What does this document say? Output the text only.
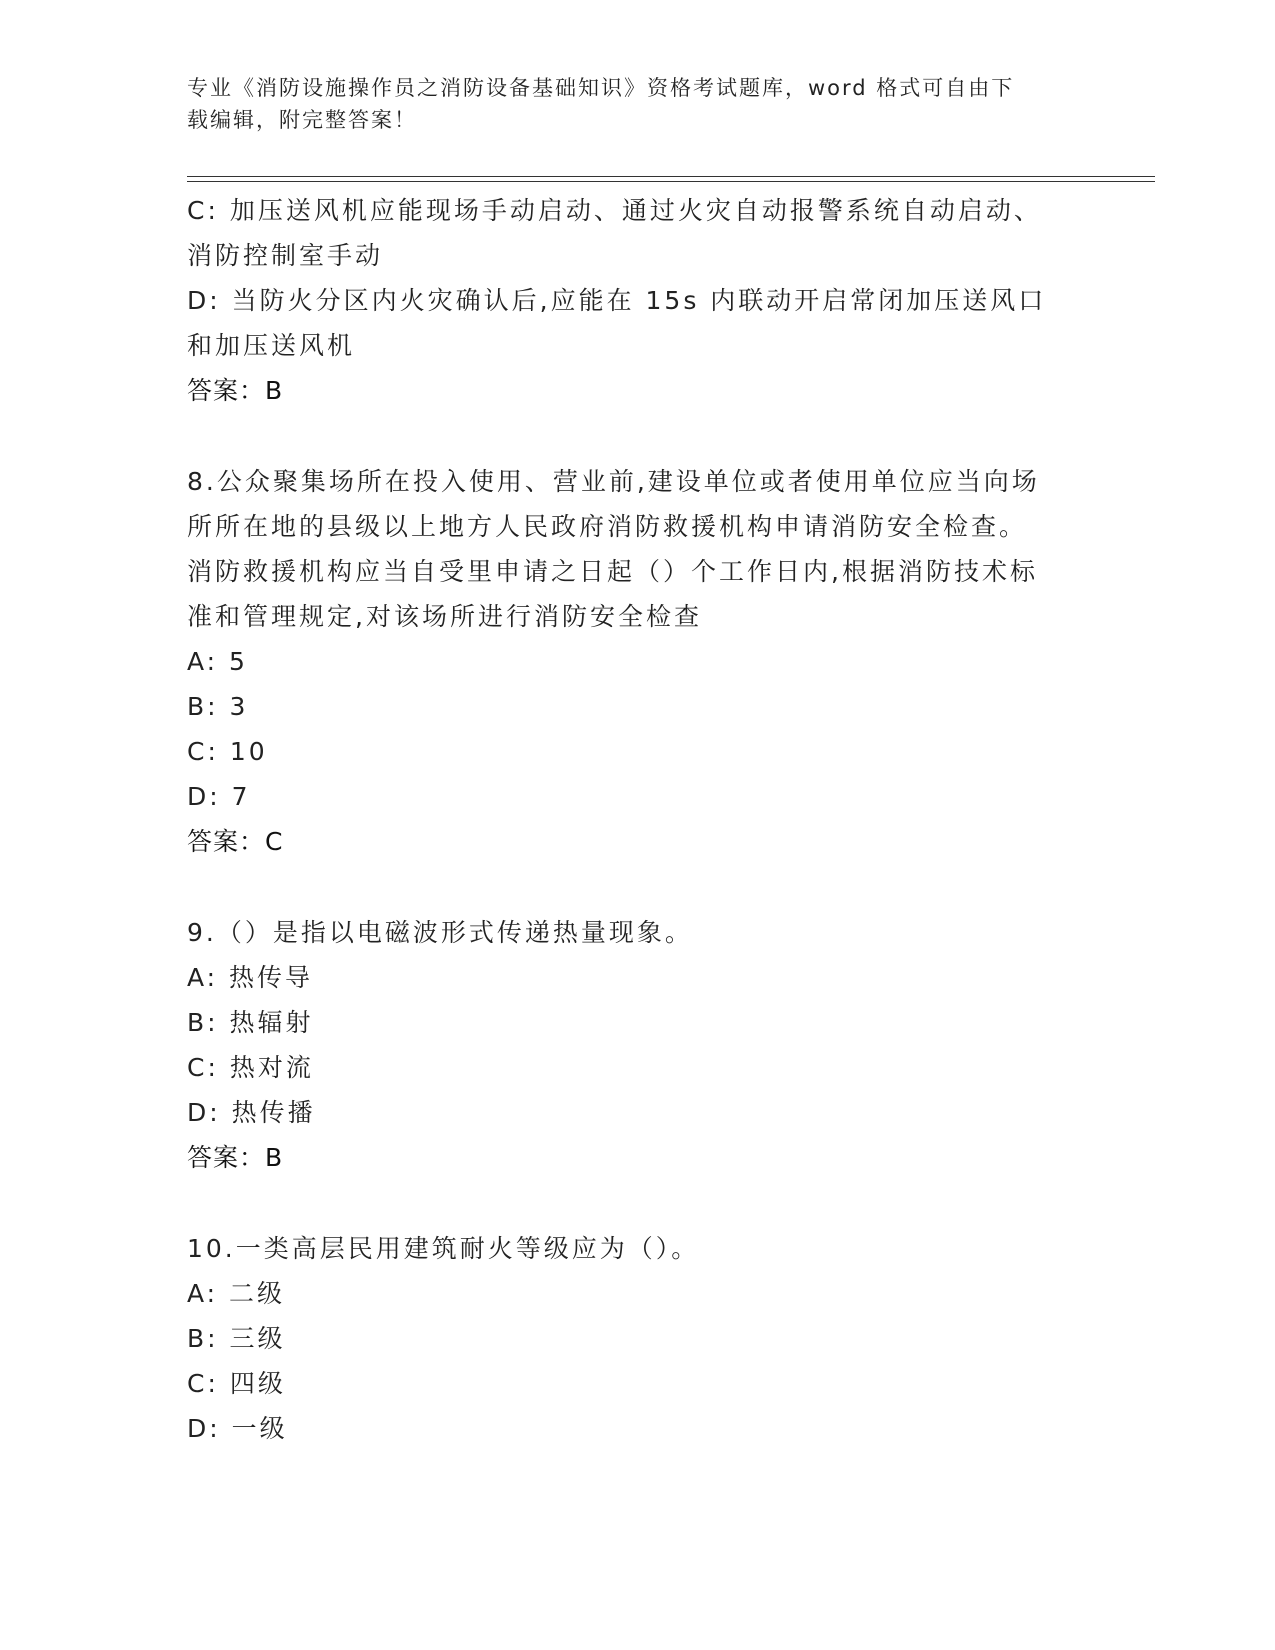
专业《消防设施操作员之消防设备基础知识》资格考试题库，word 格式可自由下
载编辑，附完整答案！
C: 加压送风机应能现场手动启动、通过火灾自动报警系统自动启动、
消防控制室手动
D: 当防火分区内火灾确认后,应能在 15s 内联动开启常闭加压送风口
和加压送风机
答案：B
8.公众聚集场所在投入使用、营业前,建设单位或者使用单位应当向场
所所在地的县级以上地方人民政府消防救援机构申请消防安全检查。
消防救援机构应当自受里申请之日起（）个工作日内,根据消防技术标
准和管理规定,对该场所进行消防安全检查
A: 5
B: 3
C: 10
D: 7
答案：C
9.（）是指以电磁波形式传递热量现象。
A: 热传导
B: 热辐射
C: 热对流
D: 热传播
答案：B
10.一类高层民用建筑耐火等级应为（）。
A: 二级
B: 三级
C: 四级
D: 一级
